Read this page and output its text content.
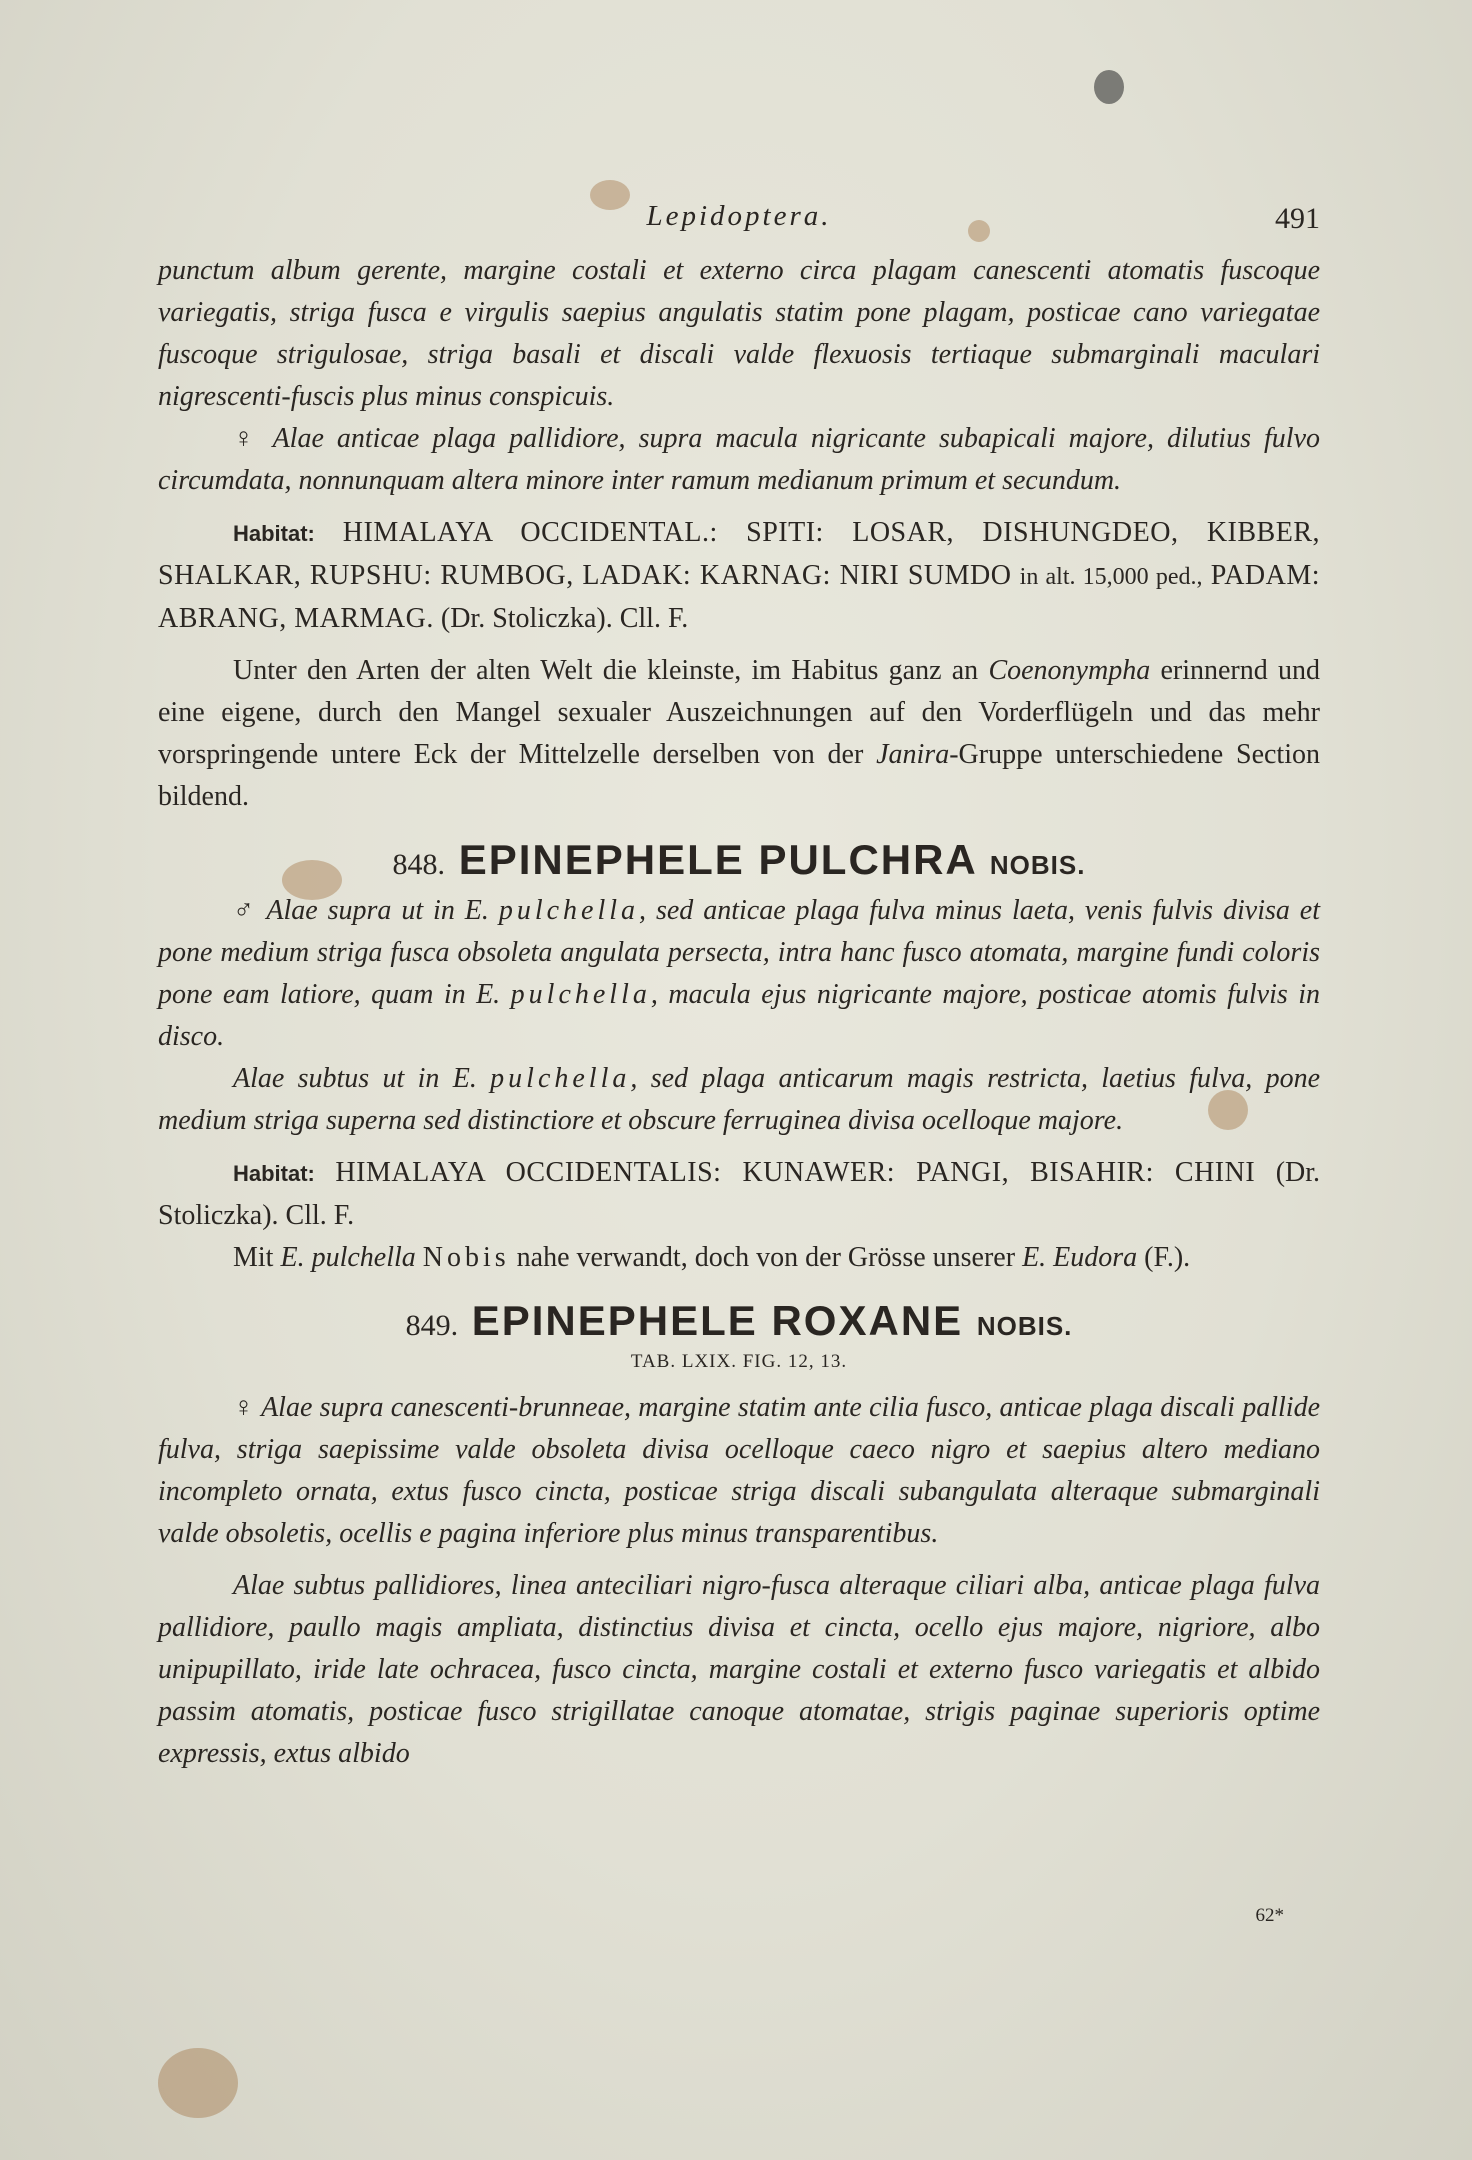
Lepidoptera.	491

punctum album gerente, margine costali et externo circa plagam canescenti atomatis fuscoque variegatis, striga fusca e virgulis saepius angulatis statim pone plagam, posticae cano variegatae fuscoque strigulosae, striga basali et discali valde flexuosis tertiaque submarginali maculari nigrescenti-fuscis plus minus conspicuis.

♀ Alae anticae plaga pallidiore, supra macula nigricante subapicali majore, dilutius fulvo circumdata, nonnunquam altera minore inter ramum medianum primum et secundum.

Habitat: HIMALAYA OCCIDENTAL.: SPITI: LOSAR, DISHUNGDEO, KIBBER, SHALKAR, RUPSHU: RUMBOG, LADAK: KARNAG: NIRI SUMDO in alt. 15,000 ped., PADAM: ABRANG, MARMAG. (Dr. Stoliczka). Cll. F.

Unter den Arten der alten Welt die kleinste, im Habitus ganz an Coenonympha erinnernd und eine eigene, durch den Mangel sexualer Auszeichnungen auf den Vorderflügeln und das mehr vorspringende untere Eck der Mittelzelle derselben von der Janira-Gruppe unterschiedene Section bildend.

848. EPINEPHELE PULCHRA NOBIS.

♂ Alae supra ut in E. pulchella, sed anticae plaga fulva minus laeta, venis fulvis divisa et pone medium striga fusca obsoleta angulata persecta, intra hanc fusco atomata, margine fundi coloris pone eam latiore, quam in E. pulchella, macula ejus nigricante majore, posticae atomis fulvis in disco.

Alae subtus ut in E. pulchella, sed plaga anticarum magis restricta, laetius fulva, pone medium striga superna sed distinctiore et obscure ferruginea divisa ocelloque majore.

Habitat: HIMALAYA OCCIDENTALIS: KUNAWER: PANGI, BISAHIR: CHINI (Dr. Stoliczka). Cll. F.

Mit E. pulchella Nobis nahe verwandt, doch von der Grösse unserer E. Eudora (F.).

849. EPINEPHELE ROXANE NOBIS.
TAB. LXIX. FIG. 12, 13.

♀ Alae supra canescenti-brunneae, margine statim ante cilia fusco, anticae plaga discali pallide fulva, striga saepissime valde obsoleta divisa ocelloque caeco nigro et saepius altero mediano incompleto ornata, extus fusco cincta, posticae striga discali subangulata alteraque submarginali valde obsoletis, ocellis e pagina inferiore plus minus transparentibus.

Alae subtus pallidiores, linea anteciliari nigro-fusca alteraque ciliari alba, anticae plaga fulva pallidiore, paullo magis ampliata, distinctius divisa et cincta, ocello ejus majore, nigriore, albo unipupillato, iride late ochracea, fusco cincta, margine costali et externo fusco variegatis et albido passim atomatis, posticae fusco strigillatae canoque atomatae, strigis paginae superioris optime expressis, extus albido

62*
